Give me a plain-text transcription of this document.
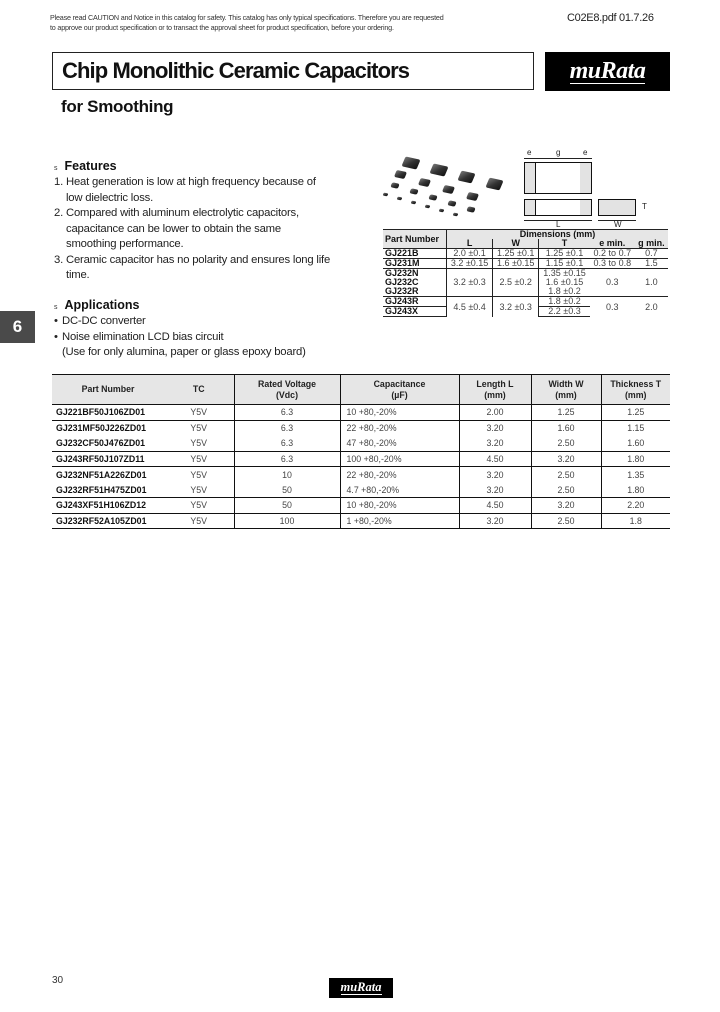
Please read CAUTION and Notice in this catalog for safety. This catalog has only typical specifications. Therefore you are requested
to approve our product specification or to transact the approval sheet for product specification, before your ordering.
C02E8.pdf 01.7.26
Chip Monolithic Ceramic Capacitors	muRata
for Smoothing
6
s Features
1. Heat generation is low at high frequency because of low dielectric loss.
2. Compared with aluminum electrolytic capacitors, capacitance can be lower to obtain the same smoothing performance.
3. Ceramic capacitor has no polarity and ensures long life time.
s Applications
• DC-DC converter
• Noise elimination LCD bias circuit
(Use for only alumina, paper or glass epoxy board)
e	g	e
L	W
T
Part Number	Dimensions (mm)				
	L	W	T	e min.	g min.
GJ221B	2.0 ±0.1	1.25 ±0.1	1.25 ±0.1	0.2 to 0.7	0.7
GJ231M	3.2 ±0.15	1.6 ±0.15	1.15 ±0.1	0.3 to 0.8	1.5
GJ232N	3.2 ±0.3	2.5 ±0.2	1.35 ±0.15	0.3	1.0
GJ232C			1.6 ±0.15		
GJ232R			1.8 ±0.2		
GJ243R	4.5 ±0.4	3.2 ±0.3	1.8 ±0.2	0.3	2.0
GJ243X			2.2 ±0.3		
Part Number	TC

Rated Voltage
(Vdc)

Capacitance
(µF)

Length L
(mm)

Width W
(mm)

Thickness T
(mm)

GJ221BF50J106ZD01	Y5V	6.3	10 +80,-20%	2.00	1.25	1.25
GJ231MF50J226ZD01	Y5V	6.3	22 +80,-20%	3.20	1.60	1.15
GJ232CF50J476ZD01	Y5V	6.3	47 +80,-20%	3.20	2.50	1.60
GJ243RF50J107ZD11	Y5V	6.3	100 +80,-20%	4.50	3.20	1.80
GJ232NF51A226ZD01	Y5V	10	22 +80,-20%	3.20	2.50	1.35
GJ232RF51H475ZD01	Y5V	50	4.7 +80,-20%	3.20	2.50	1.80
GJ243XF51H106ZD12	Y5V	50	10 +80,-20%	4.50	3.20	2.20
GJ232RF52A105ZD01	Y5V	100	1 +80,-20%	3.20	2.50	1.8
30	muRata
